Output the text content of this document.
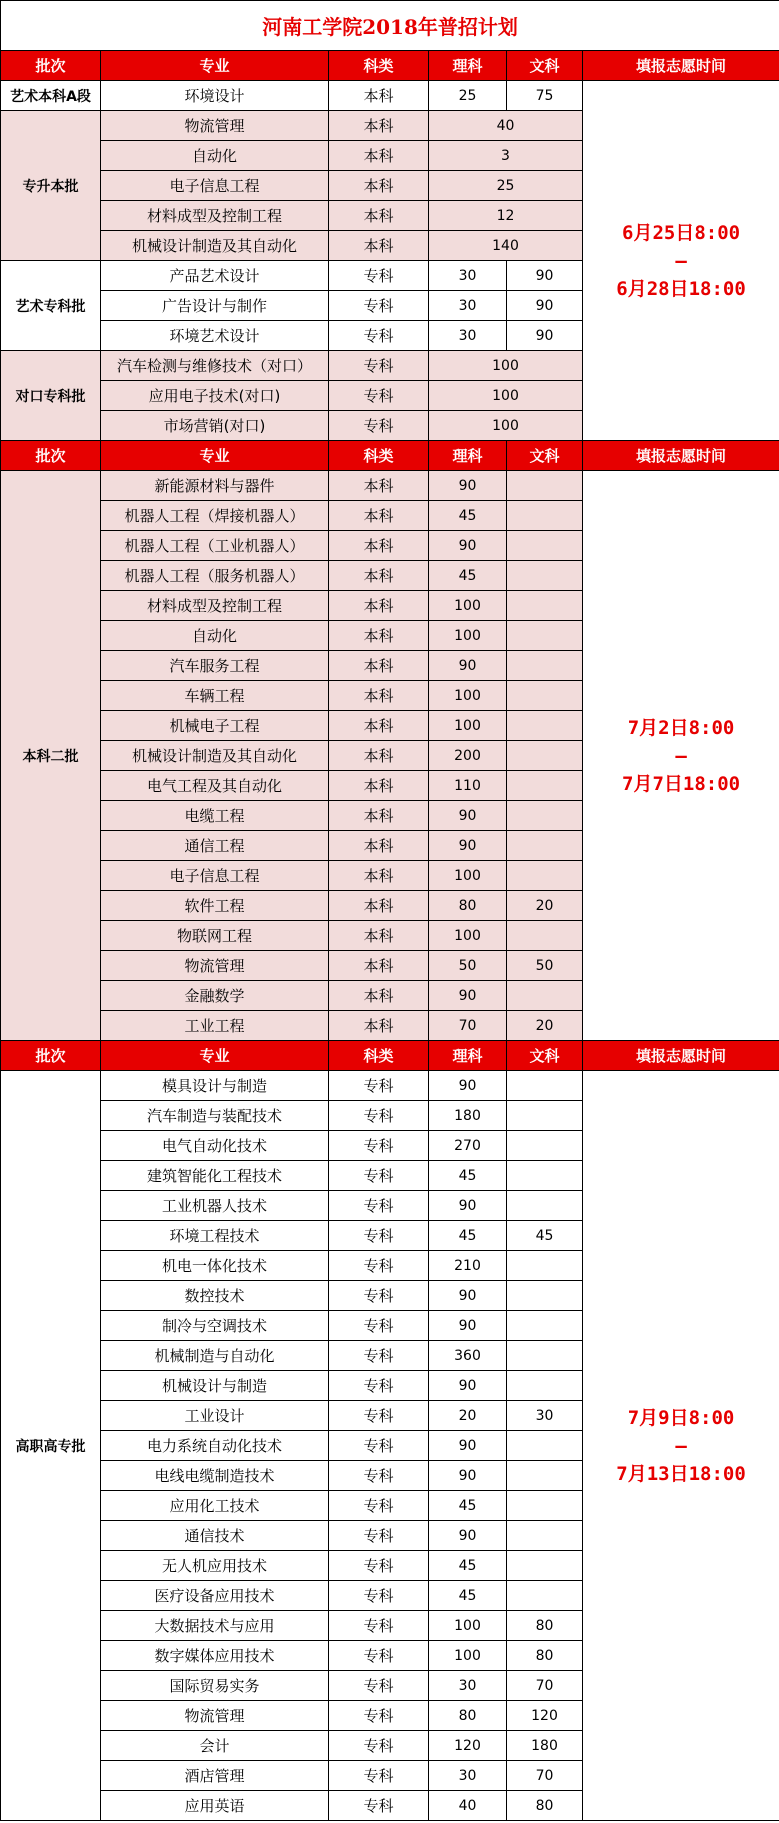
河南工学院2018年普招计划					
批次	专业	科类	理科	文科	填报志愿时间
艺术本科A段	环境设计	本科	25	75	6月25日8:00
—
6月28日18:00

专升本批	物流管理	本科	40		
	自动化	本科	3		
	电子信息工程	本科	25		
	材料成型及控制工程	本科	12		
	机械设计制造及其自动化	本科	140		
艺术专科批	产品艺术设计	专科	30	90	
	广告设计与制作	专科	30	90	
	环境艺术设计	专科	30	90	
对口专科批	汽车检测与维修技术（对口）	专科	100		
	应用电子技术(对口)	专科	100		
	市场营销(对口)	专科	100		
批次	专业	科类	理科	文科	填报志愿时间
本科二批	新能源材料与器件	本科	90		7月2日8:00
—
7月7日18:00

	机器人工程（焊接机器人）	本科	45		
	机器人工程（工业机器人）	本科	90		
	机器人工程（服务机器人）	本科	45		
	材料成型及控制工程	本科	100		
	自动化	本科	100		
	汽车服务工程	本科	90		
	车辆工程	本科	100		
	机械电子工程	本科	100		
	机械设计制造及其自动化	本科	200		
	电气工程及其自动化	本科	110		
	电缆工程	本科	90		
	通信工程	本科	90		
	电子信息工程	本科	100		
	软件工程	本科	80	20	
	物联网工程	本科	100		
	物流管理	本科	50	50	
	金融数学	本科	90		
	工业工程	本科	70	20	
批次	专业	科类	理科	文科	填报志愿时间
高职高专批	模具设计与制造	专科	90		7月9日8:00
—
7月13日18:00

	汽车制造与装配技术	专科	180		
	电气自动化技术	专科	270		
	建筑智能化工程技术	专科	45		
	工业机器人技术	专科	90		
	环境工程技术	专科	45	45	
	机电一体化技术	专科	210		
	数控技术	专科	90		
	制冷与空调技术	专科	90		
	机械制造与自动化	专科	360		
	机械设计与制造	专科	90		
	工业设计	专科	20	30	
	电力系统自动化技术	专科	90		
	电线电缆制造技术	专科	90		
	应用化工技术	专科	45		
	通信技术	专科	90		
	无人机应用技术	专科	45		
	医疗设备应用技术	专科	45		
	大数据技术与应用	专科	100	80	
	数字媒体应用技术	专科	100	80	
	国际贸易实务	专科	30	70	
	物流管理	专科	80	120	
	会计	专科	120	180	
	酒店管理	专科	30	70	
	应用英语	专科	40	80	
